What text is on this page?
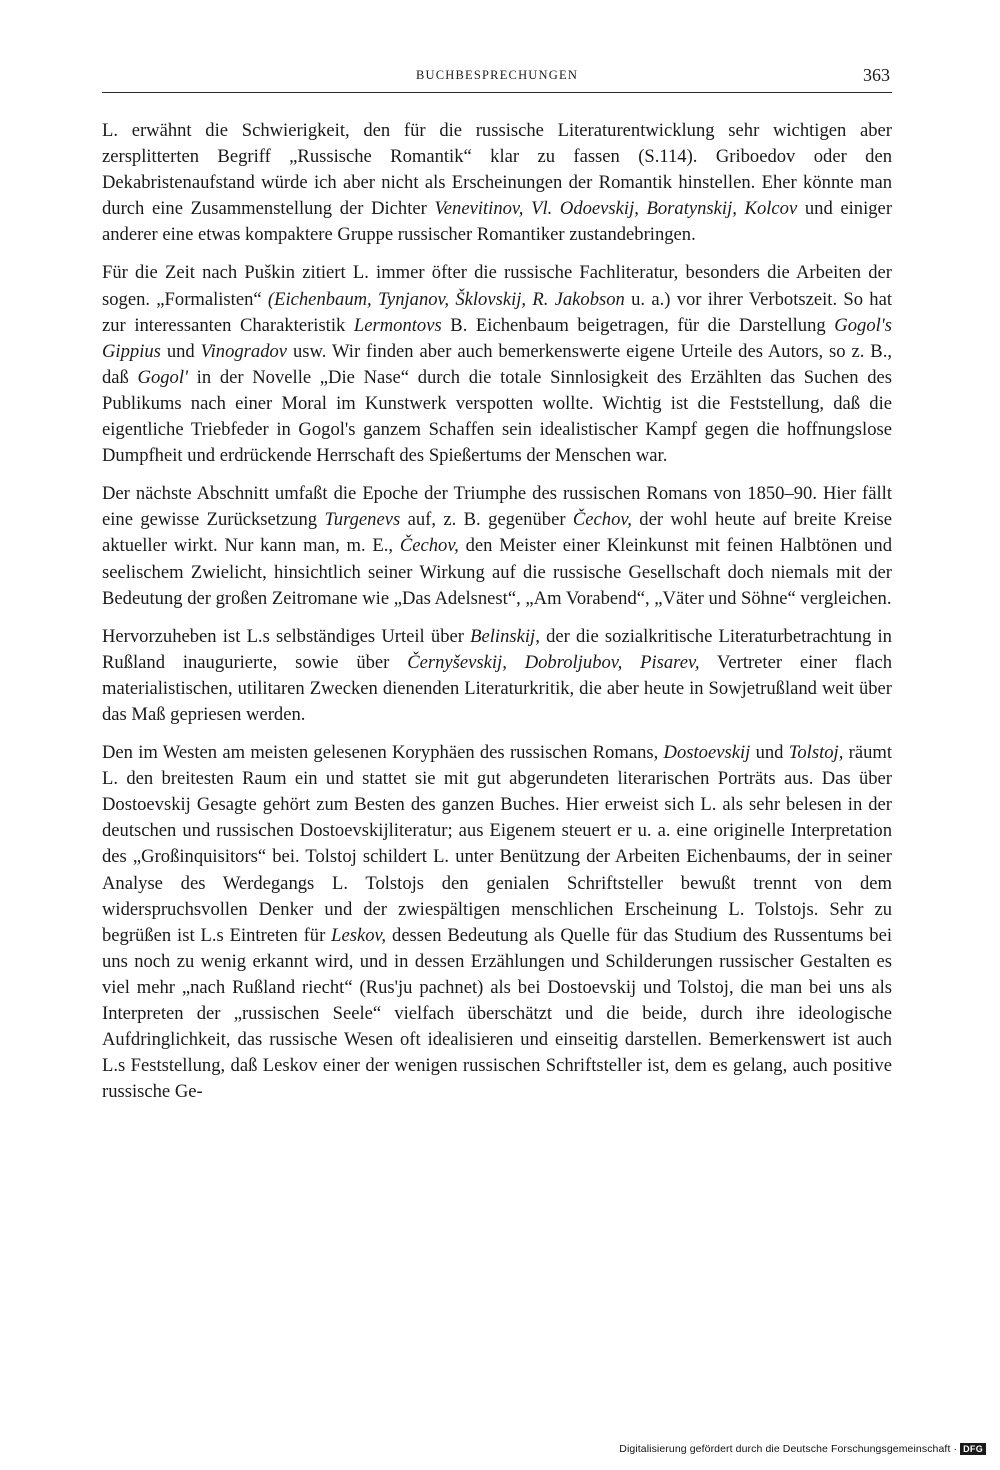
BUCHBESPRECHUNGEN	363

L. erwähnt die Schwierigkeit, den für die russische Literaturentwicklung sehr wichtigen aber zersplitterten Begriff „Russische Romantik“ klar zu fassen (S.114). Griboedov oder den Dekabristenaufstand würde ich aber nicht als Erscheinungen der Romantik hinstellen. Eher könnte man durch eine Zusammenstellung der Dichter Venevitinov, Vl. Odoevskij, Boratynskij, Kolcov und einiger anderer eine etwas kompaktere Gruppe russischer Romantiker zustandebringen.

Für die Zeit nach Puškin zitiert L. immer öfter die russische Fachliteratur, besonders die Arbeiten der sogen. „Formalisten“ (Eichenbaum, Tynjanov, Šklovskij, R. Jakobson u. a.) vor ihrer Verbotszeit. So hat zur interessanten Charakteristik Lermontovs B. Eichenbaum beigetragen, für die Darstellung Gogol's Gippius und Vinogradov usw. Wir finden aber auch bemerkenswerte eigene Urteile des Autors, so z. B., daß Gogol' in der Novelle „Die Nase“ durch die totale Sinnlosigkeit des Erzählten das Suchen des Publikums nach einer Moral im Kunstwerk verspotten wollte. Wichtig ist die Feststellung, daß die eigentliche Triebfeder in Gogol's ganzem Schaffen sein idealistischer Kampf gegen die hoffnungslose Dumpfheit und erdrückende Herrschaft des Spießertums der Menschen war.

Der nächste Abschnitt umfaßt die Epoche der Triumphe des russischen Romans von 1850–90. Hier fällt eine gewisse Zurücksetzung Turgenevs auf, z. B. gegenüber Čechov, der wohl heute auf breite Kreise aktueller wirkt. Nur kann man, m. E., Čechov, den Meister einer Kleinkunst mit feinen Halbtönen und seelischem Zwielicht, hinsichtlich seiner Wirkung auf die russische Gesellschaft doch niemals mit der Bedeutung der großen Zeitromane wie „Das Adelsnest“, „Am Vorabend“, „Väter und Söhne“ vergleichen.

Hervorzuheben ist L.s selbständiges Urteil über Belinskij, der die sozialkritische Literaturbetrachtung in Rußland inaugurierte, sowie über Černyševskij, Dobroljubov, Pisarev, Vertreter einer flach materialistischen, utilitaren Zwecken dienenden Literaturkritik, die aber heute in Sowjetrußland weit über das Maß gepriesen werden.

Den im Westen am meisten gelesenen Koryphäen des russischen Romans, Dostoevskij und Tolstoj, räumt L. den breitesten Raum ein und stattet sie mit gut abgerundeten literarischen Porträts aus. Das über Dostoevskij Gesagte gehört zum Besten des ganzen Buches. Hier erweist sich L. als sehr belesen in der deutschen und russischen Dostoevskijliteratur; aus Eigenem steuert er u. a. eine originelle Interpretation des „Großinquisitors“ bei. Tolstoj schildert L. unter Benützung der Arbeiten Eichenbaums, der in seiner Analyse des Werdegangs L. Tolstojs den genialen Schriftsteller bewußt trennt von dem widerspruchsvollen Denker und der zwiespältigen menschlichen Erscheinung L. Tolstojs. Sehr zu begrüßen ist L.s Eintreten für Leskov, dessen Bedeutung als Quelle für das Studium des Russentums bei uns noch zu wenig erkannt wird, und in dessen Erzählungen und Schilderungen russischer Gestalten es viel mehr „nach Rußland riecht“ (Rus'ju pachnet) als bei Dostoevskij und Tolstoj, die man bei uns als Interpreten der „russischen Seele“ vielfach überschätzt und die beide, durch ihre ideologische Aufdringlichkeit, das russische Wesen oft idealisieren und einseitig darstellen. Bemerkenswert ist auch L.s Feststellung, daß Leskov einer der wenigen russischen Schriftsteller ist, dem es gelang, auch positive russische Ge-

Digitalisierung gefördert durch die Deutsche Forschungsgemeinschaft · DFG
